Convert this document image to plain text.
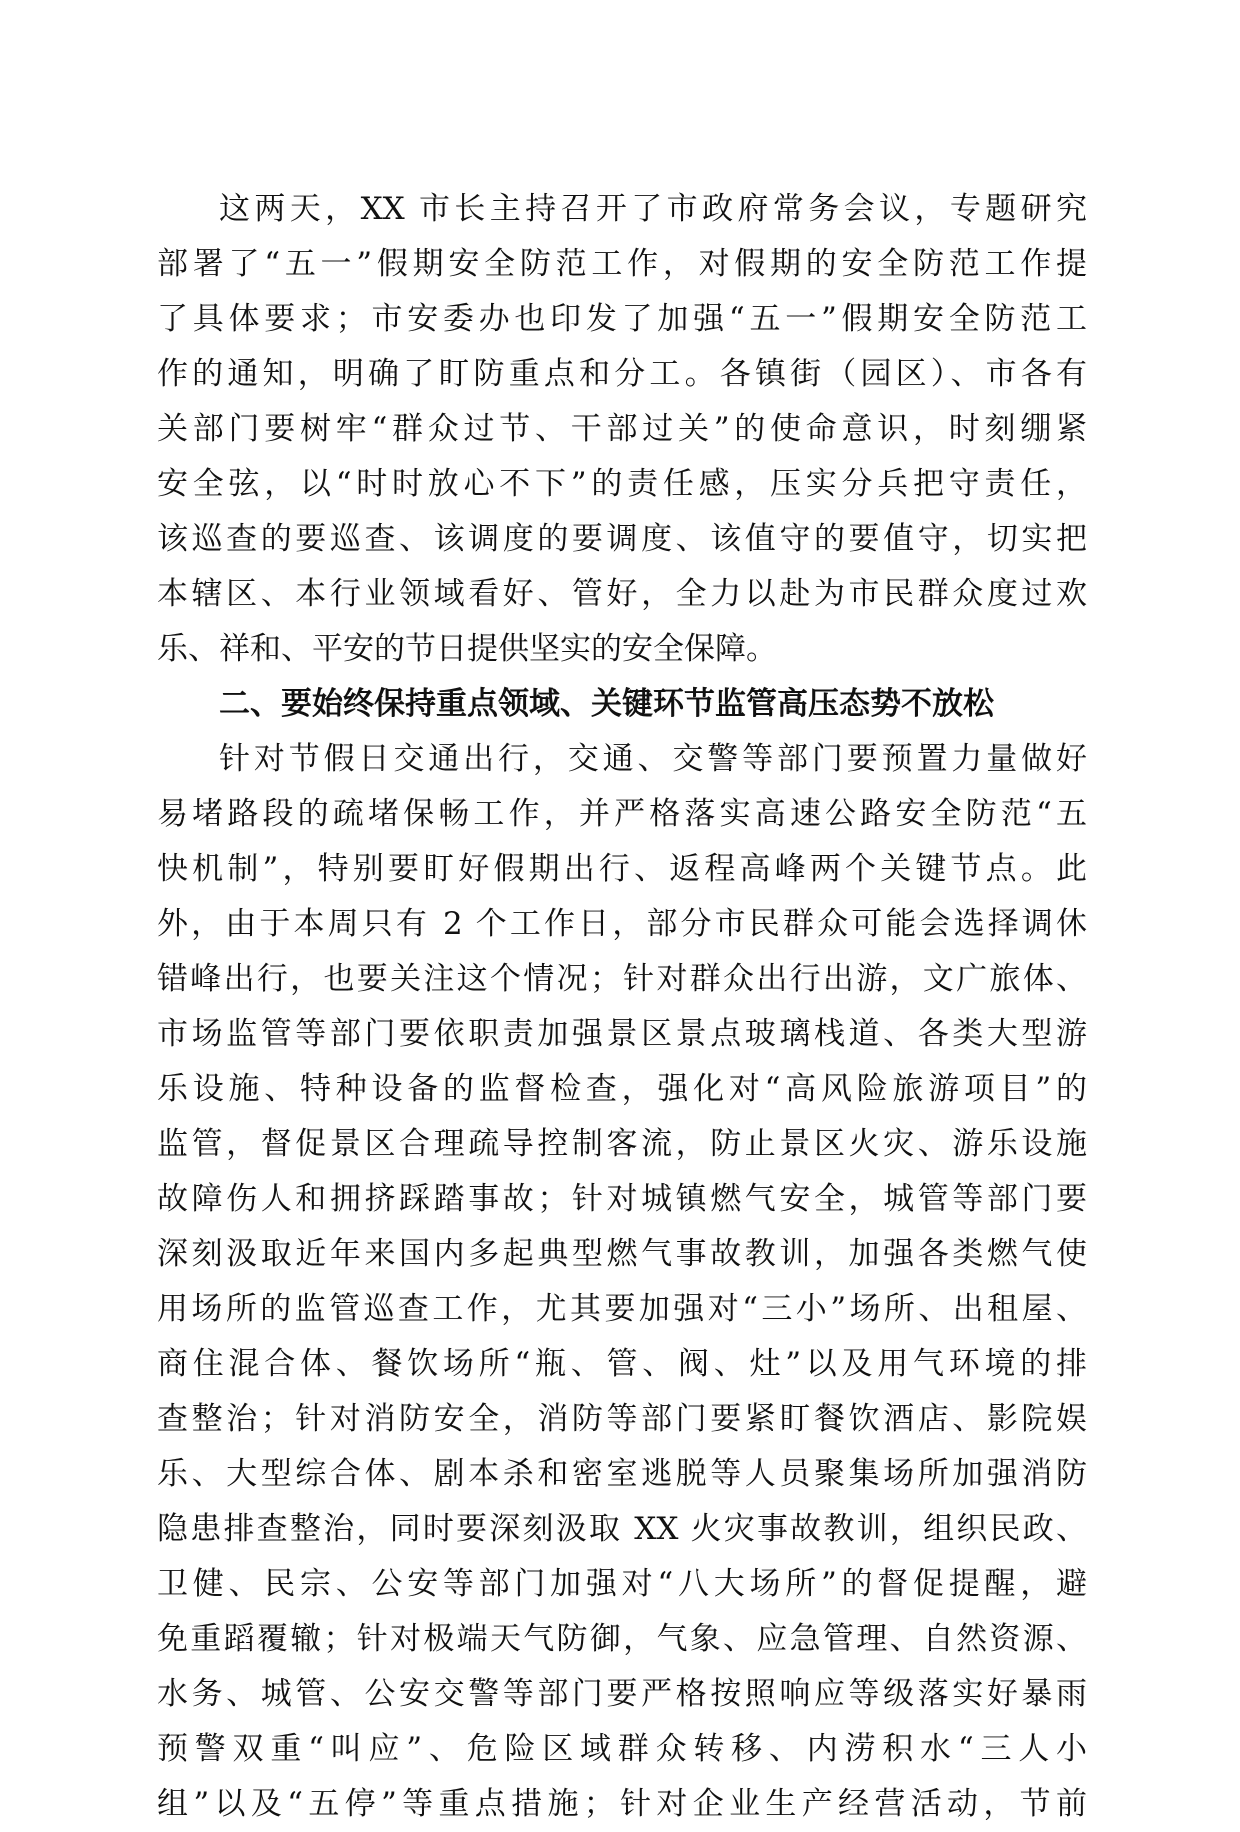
这两天，XX 市长主持召开了市政府常务会议，专题研究
部署了“五一”假期安全防范工作，对假期的安全防范工作提
了具体要求；市安委办也印发了加强“五一”假期安全防范工
作的通知，明确了盯防重点和分工。各镇街（园区）、市各有
关部门要树牢“群众过节、干部过关”的使命意识，时刻绷紧
安全弦，以“时时放心不下”的责任感，压实分兵把守责任，
该巡查的要巡查、该调度的要调度、该值守的要值守，切实把
本辖区、本行业领域看好、管好，全力以赴为市民群众度过欢
乐、祥和、平安的节日提供坚实的安全保障。
二、要始终保持重点领域、关键环节监管高压态势不放松
针对节假日交通出行，交通、交警等部门要预置力量做好
易堵路段的疏堵保畅工作，并严格落实高速公路安全防范“五
快机制”，特别要盯好假期出行、返程高峰两个关键节点。此
外，由于本周只有 2 个工作日，部分市民群众可能会选择调休
错峰出行，也要关注这个情况；针对群众出行出游，文广旅体、
市场监管等部门要依职责加强景区景点玻璃栈道、各类大型游
乐设施、特种设备的监督检查，强化对“高风险旅游项目”的
监管，督促景区合理疏导控制客流，防止景区火灾、游乐设施
故障伤人和拥挤踩踏事故；针对城镇燃气安全，城管等部门要
深刻汲取近年来国内多起典型燃气事故教训，加强各类燃气使
用场所的监管巡查工作，尤其要加强对“三小”场所、出租屋、
商住混合体、餐饮场所“瓶、管、阀、灶”以及用气环境的排
查整治；针对消防安全，消防等部门要紧盯餐饮酒店、影院娱
乐、大型综合体、剧本杀和密室逃脱等人员聚集场所加强消防
隐患排查整治，同时要深刻汲取 XX 火灾事故教训，组织民政、
卫健、民宗、公安等部门加强对“八大场所”的督促提醒，避
免重蹈覆辙；针对极端天气防御，气象、应急管理、自然资源、
水务、城管、公安交警等部门要严格按照响应等级落实好暴雨
预警双重“叫应”、危险区域群众转移、内涝积水“三人小
组”以及“五停”等重点措施；针对企业生产经营活动，节前
